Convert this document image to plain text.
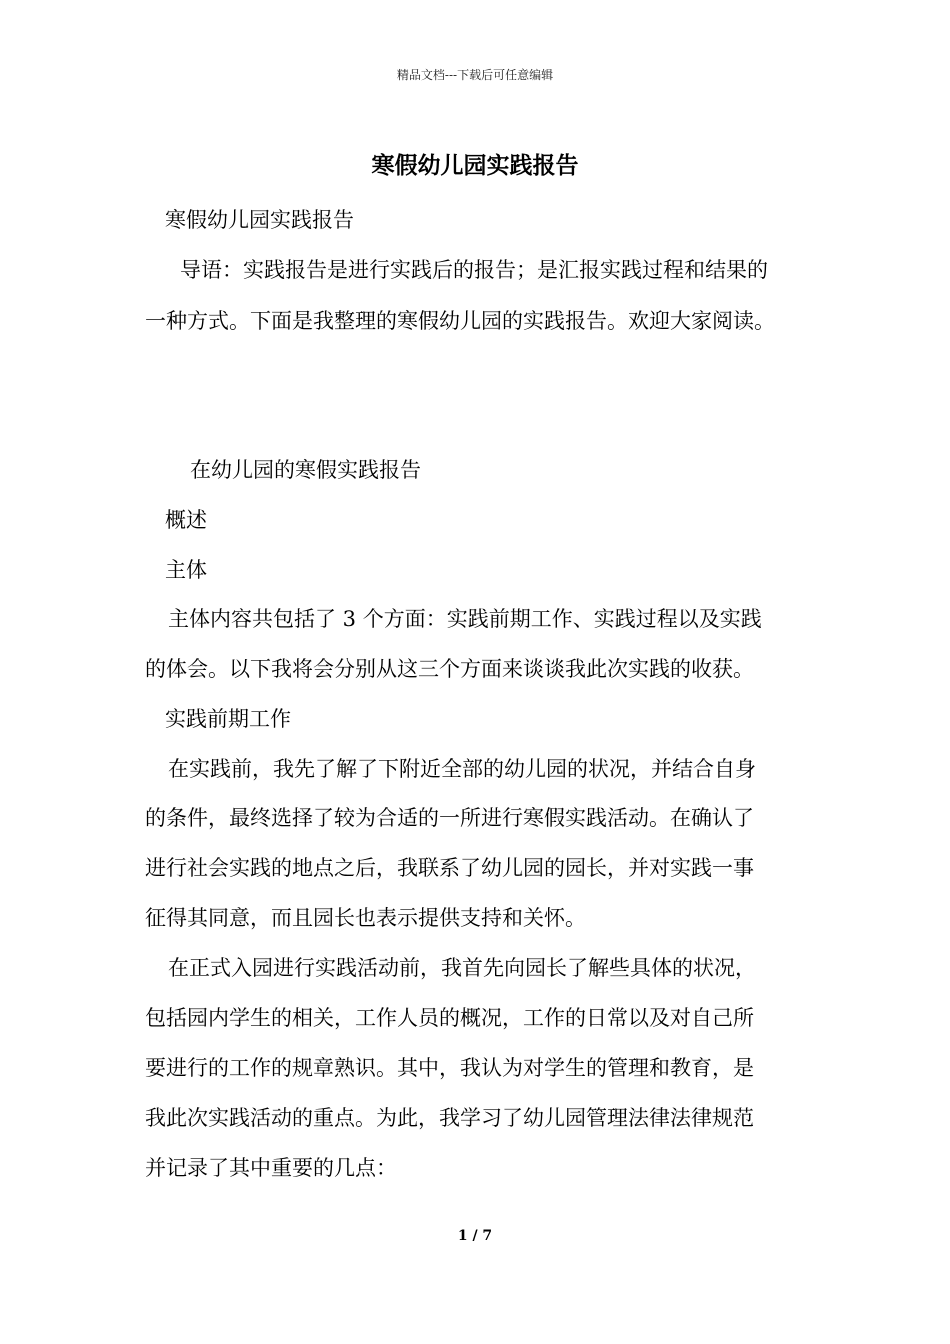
精品文档---下载后可任意编辑
寒假幼儿园实践报告
寒假幼儿园实践报告
导语：实践报告是进行实践后的报告；是汇报实践过程和结果的
一种方式。下面是我整理的寒假幼儿园的实践报告。欢迎大家阅读。
在幼儿园的寒假实践报告
概述
主体
主体内容共包括了 3 个方面：实践前期工作、实践过程以及实践
的体会。以下我将会分别从这三个方面来谈谈我此次实践的收获。
实践前期工作
在实践前，我先了解了下附近全部的幼儿园的状况，并结合自身
的条件，最终选择了较为合适的一所进行寒假实践活动。在确认了
进行社会实践的地点之后，我联系了幼儿园的园长，并对实践一事
征得其同意，而且园长也表示提供支持和关怀。
在正式入园进行实践活动前，我首先向园长了解些具体的状况，
包括园内学生的相关，工作人员的概况，工作的日常以及对自己所
要进行的工作的规章熟识。其中，我认为对学生的管理和教育，是
我此次实践活动的重点。为此，我学习了幼儿园管理法律法律规范
并记录了其中重要的几点：
1 / 7
